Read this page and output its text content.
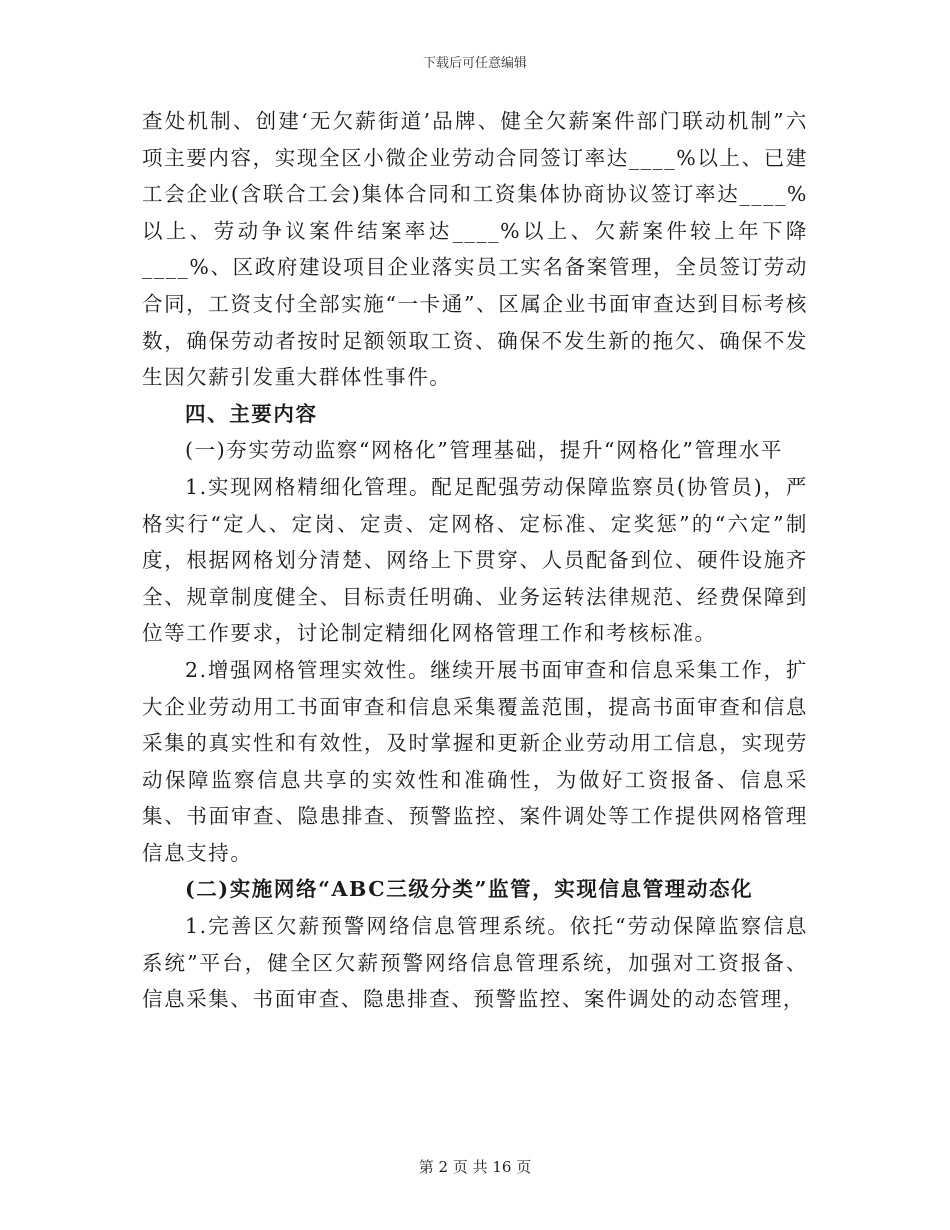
下载后可任意编辑

查处机制、创建‘无欠薪街道’品牌、健全欠薪案件部门联动机制”六项主要内容，实现全区小微企业劳动合同签订率达____%以上、已建工会企业(含联合工会)集体合同和工资集体协商协议签订率达____%以上、劳动争议案件结案率达____%以上、欠薪案件较上年下降____%、区政府建设项目企业落实员工实名备案管理，全员签订劳动合同，工资支付全部实施“一卡通”、区属企业书面审查达到目标考核数，确保劳动者按时足额领取工资、确保不发生新的拖欠、确保不发生因欠薪引发重大群体性事件。

四、主要内容

(一)夯实劳动监察“网格化”管理基础，提升“网格化”管理水平

1.实现网格精细化管理。配足配强劳动保障监察员(协管员)，严格实行“定人、定岗、定责、定网格、定标准、定奖惩”的“六定”制度，根据网格划分清楚、网络上下贯穿、人员配备到位、硬件设施齐全、规章制度健全、目标责任明确、业务运转法律规范、经费保障到位等工作要求，讨论制定精细化网格管理工作和考核标准。

2.增强网格管理实效性。继续开展书面审查和信息采集工作，扩大企业劳动用工书面审查和信息采集覆盖范围，提高书面审查和信息采集的真实性和有效性，及时掌握和更新企业劳动用工信息，实现劳动保障监察信息共享的实效性和准确性，为做好工资报备、信息采集、书面审查、隐患排查、预警监控、案件调处等工作提供网格管理信息支持。

(二)实施网络“ABC三级分类”监管，实现信息管理动态化

1.完善区欠薪预警网络信息管理系统。依托“劳动保障监察信息系统”平台，健全区欠薪预警网络信息管理系统，加强对工资报备、信息采集、书面审查、隐患排查、预警监控、案件调处的动态管理，

第 2 页 共 16 页
